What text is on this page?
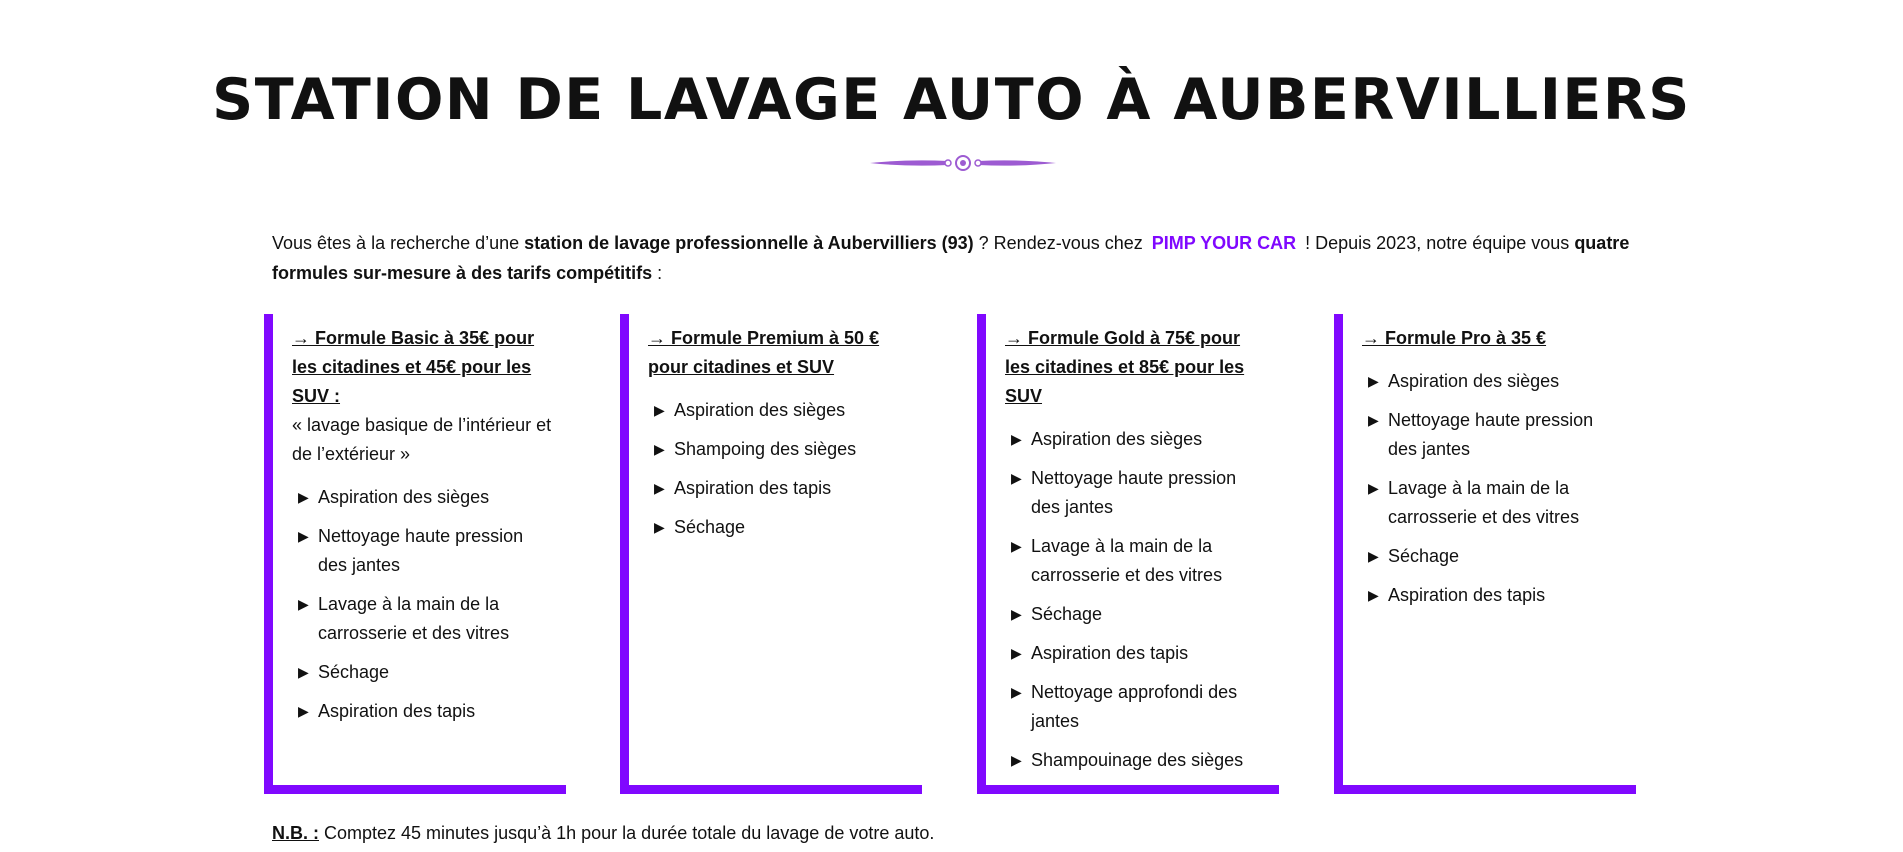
STATION DE LAVAGE AUTO À AUBERVILLIERS

Vous êtes à la recherche d’une station de lavage professionnelle à Aubervilliers (93) ? Rendez-vous chez PIMP YOUR CAR ! Depuis 2023, notre équipe vous quatre formules sur-mesure à des tarifs compétitifs :

→ Formule Basic à 35€ pour les citadines et 45€ pour les SUV :

« lavage basique de l’intérieur et de l’extérieur »

▶ Aspiration des sièges
▶ Nettoyage haute pression des jantes
▶ Lavage à la main de la carrosserie et des vitres
▶ Séchage
▶ Aspiration des tapis

→ Formule Premium à 50 € pour citadines et SUV

▶ Aspiration des sièges
▶ Shampoing des sièges
▶ Aspiration des tapis
▶ Séchage

→ Formule Gold à 75€ pour les citadines et 85€ pour les SUV

▶ Aspiration des sièges
▶ Nettoyage haute pression des jantes
▶ Lavage à la main de la carrosserie et des vitres
▶ Séchage
▶ Aspiration des tapis
▶ Nettoyage approfondi des jantes
▶ Shampouinage des sièges

→ Formule Pro à 35 €

▶ Aspiration des sièges
▶ Nettoyage haute pression des jantes
▶ Lavage à la main de la carrosserie et des vitres
▶ Séchage
▶ Aspiration des tapis

N.B. : Comptez 45 minutes jusqu’à 1h pour la durée totale du lavage de votre auto.
